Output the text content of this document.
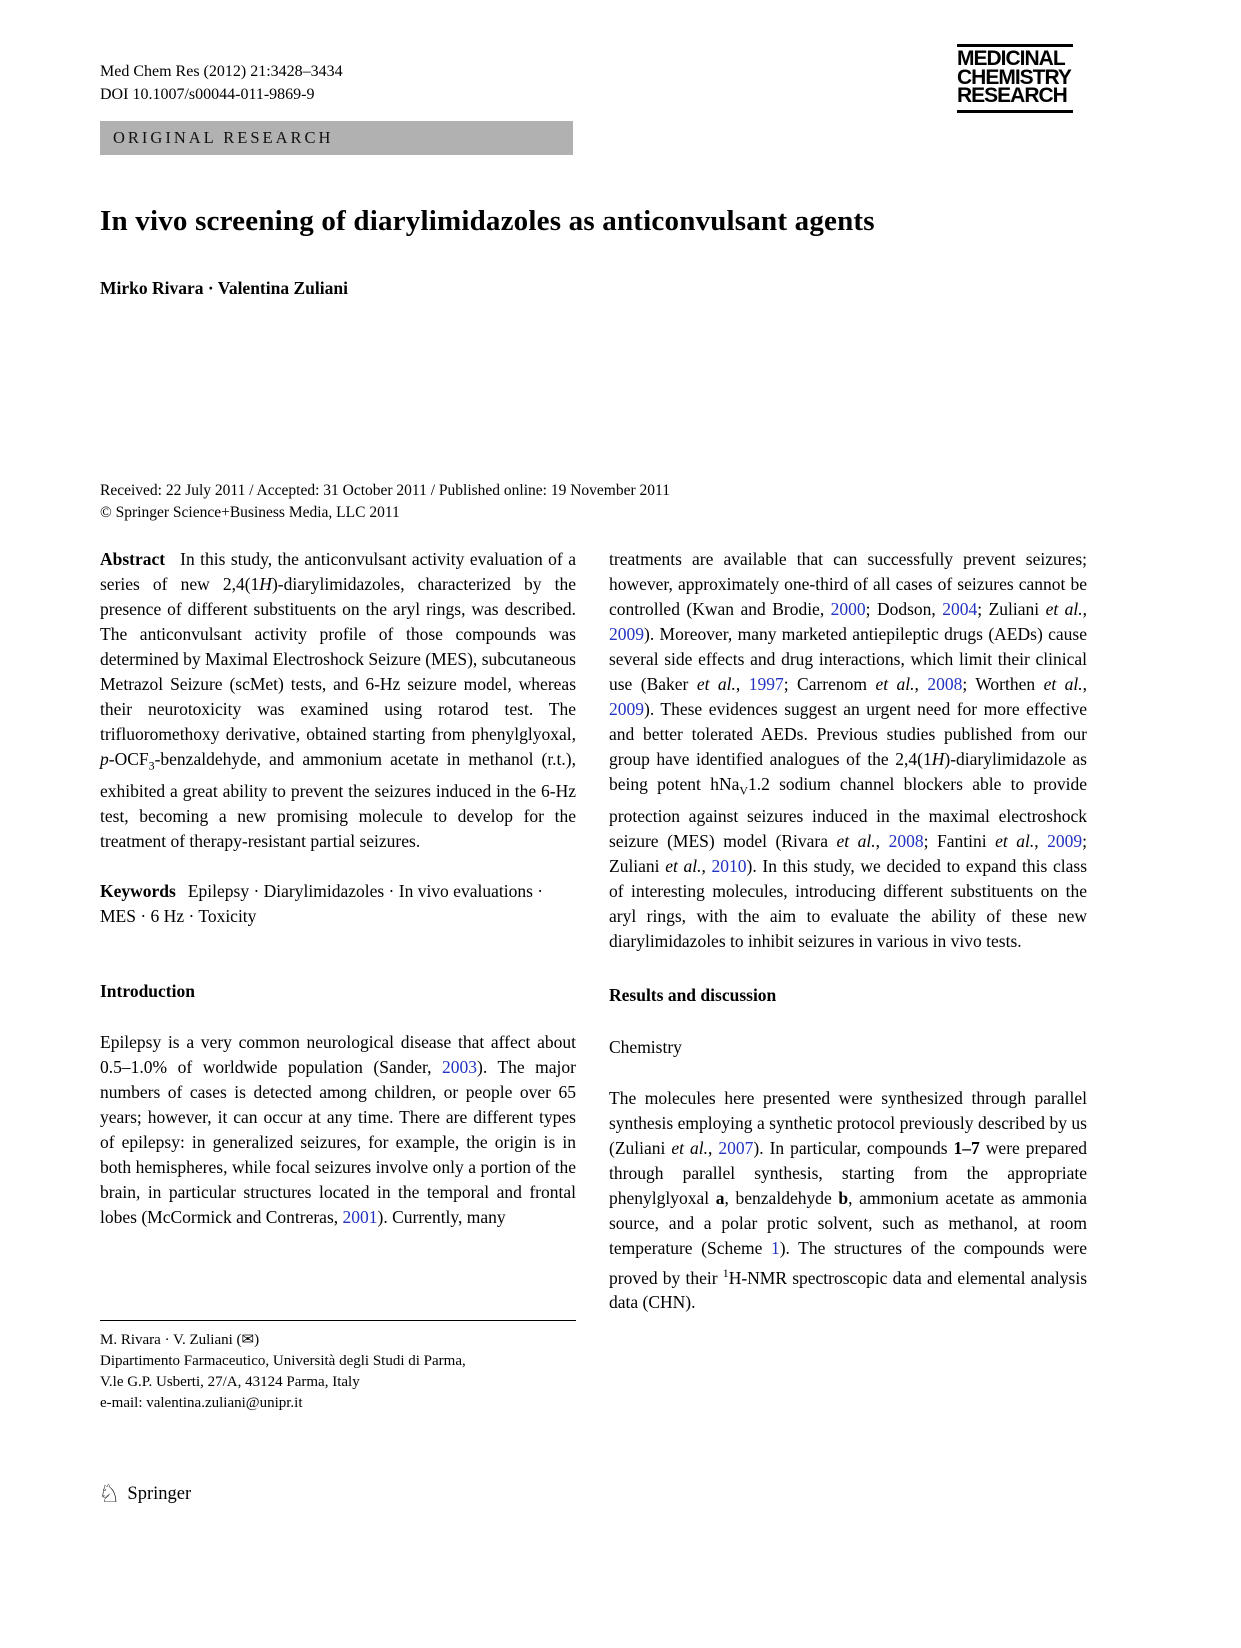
Med Chem Res (2012) 21:3428–3434
DOI 10.1007/s00044-011-9869-9
MEDICINAL
CHEMISTRY
RESEARCH
ORIGINAL RESEARCH
In vivo screening of diarylimidazoles as anticonvulsant agents
Mirko Rivara · Valentina Zuliani
Received: 22 July 2011 / Accepted: 31 October 2011 / Published online: 19 November 2011
© Springer Science+Business Media, LLC 2011

Abstract In this study, the anticonvulsant activity evaluation of a series of new 2,4(1H)-diarylimidazoles, characterized by the presence of different substituents on the aryl rings, was described. The anticonvulsant activity profile of those compounds was determined by Maximal Electroshock Seizure (MES), subcutaneous Metrazol Seizure (scMet) tests, and 6-Hz seizure model, whereas their neurotoxicity was examined using rotarod test. The trifluoromethoxy derivative, obtained starting from phenylglyoxal, $p-OCF_3$-benzaldehyde, and ammonium acetate in methanol (r.t.), exhibited a great ability to prevent the seizures induced in the 6-Hz test, becoming a new promising molecule to develop for the treatment of therapy-resistant partial seizures.

Keywords Epilepsy · Diarylimidazoles · In vivo evaluations · MES · 6 Hz · Toxicity

Introduction

Epilepsy is a very common neurological disease that affect about 0.5–1.0% of worldwide population (Sander, 2003). The major numbers of cases is detected among children, or people over 65 years; however, it can occur at any time. There are different types of epilepsy: in generalized seizures, for example, the origin is in both hemispheres, while focal seizures involve only a portion of the brain, in particular structures located in the temporal and frontal lobes (McCormick and Contreras, 2001). Currently, many

treatments are available that can successfully prevent seizures; however, approximately one-third of all cases of seizures cannot be controlled (Kwan and Brodie, 2000; Dodson, 2004; Zuliani et al., 2009). Moreover, many marketed antiepileptic drugs (AEDs) cause several side effects and drug interactions, which limit their clinical use (Baker et al., 1997; Carrenom et al., 2008; Worthen et al., 2009). These evidences suggest an urgent need for more effective and better tolerated AEDs. Previous studies published from our group have identified analogues of the 2,4(1H)-diarylimidazole as being potent hNa$_V$1.2 sodium channel blockers able to provide protection against seizures induced in the maximal electroshock seizure (MES) model (Rivara et al., 2008; Fantini et al., 2009; Zuliani et al., 2010). In this study, we decided to expand this class of interesting molecules, introducing different substituents on the aryl rings, with the aim to evaluate the ability of these new diarylimidazoles to inhibit seizures in various in vivo tests.

Results and discussion
Chemistry

The molecules here presented were synthesized through parallel synthesis employing a synthetic protocol previously described by us (Zuliani et al., 2007). In particular, compounds 1–7 were prepared through parallel synthesis, starting from the appropriate phenylglyoxal a, benzaldehyde b, ammonium acetate as ammonia source, and a polar protic solvent, such as methanol, at room temperature (Scheme 1). The structures of the compounds were proved by their $^1$H-NMR spectroscopic data and elemental analysis data (CHN).

M. Rivara · V. Zuliani (✉)
Dipartimento Farmaceutico, Università degli Studi di Parma,
V.le G.P. Usberti, 27/A, 43124 Parma, Italy
e-mail: valentina.zuliani@unipr.it
♘ Springer
